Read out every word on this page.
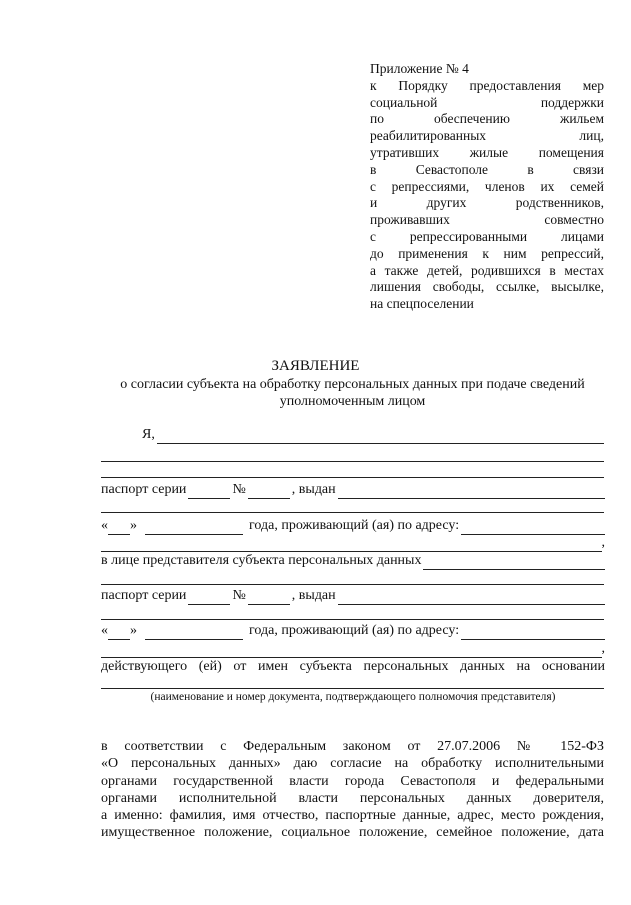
Приложение № 4
к Порядку предоставления мер
социальной поддержки
по обеспечению жильем
реабилитированных лиц,
утративших жилые помещения
в Севастополе в связи
с репрессиями, членов их семей
и других родственников,
проживавших совместно
с репрессированными лицами
до применения к ним репрессий,
а также детей, родившихся в местах
лишения свободы, ссылке, высылке,
на спецпоселении
ЗАЯВЛЕНИЕ
о согласии субъекта на обработку персональных данных при подаче сведений уполномоченным лицом
Я,
паспорт серии	№	, выдан
« »	года, проживающий (ая) по адресу:
,
в лице представителя субъекта персональных данных
паспорт серии	№	, выдан
« »	года, проживающий (ая) по адресу:
,
действующего (ей) от имен субъекта персональных данных на основании
(наименование и номер документа, подтверждающего полномочия представителя)
в соответствии с Федеральным законом от 27.07.2006 № 152-ФЗ
«О персональных данных» даю согласие на обработку исполнительными
органами государственной власти города Севастополя и федеральными
органами исполнительной власти персональных данных доверителя,
а именно: фамилия, имя отчество, паспортные данные, адрес, место рождения,
имущественное положение, социальное положение, семейное положение, дата
